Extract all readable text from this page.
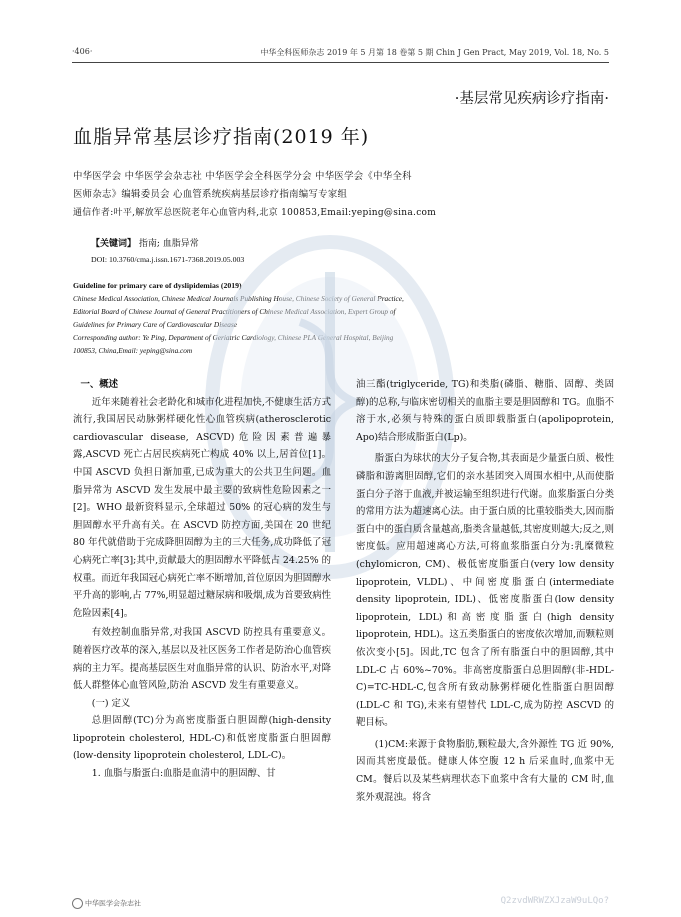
·406·	中华全科医师杂志 2019 年 5 月第 18 卷第 5 期 Chin J Gen Pract, May 2019, Vol. 18, No. 5
·基层常见疾病诊疗指南·
血脂异常基层诊疗指南(2019 年)
中华医学会 中华医学会杂志社 中华医学会全科医学分会 中华医学会《中华全科
医师杂志》编辑委员会 心血管系统疾病基层诊疗指南编写专家组
通信作者:叶平,解放军总医院老年心血管内科,北京 100853,Email:yeping@sina.com
【关键词】 指南; 血脂异常
DOI: 10.3760/cma.j.issn.1671-7368.2019.05.003
Guideline for primary care of dyslipidemias (2019)
Chinese Medical Association, Chinese Medical Journals Publishing House, Chinese Society of General Practice,
Editorial Board of Chinese Journal of General Practitioners of Chinese Medical Association, Expert Group of
Guidelines for Primary Care of Cardiovascular Disease
Corresponding author: Ye Ping, Department of Geriatric Cardiology, Chinese PLA General Hospital, Beijing
100853, China,Email: yeping@sina.com

一、概述

近年来随着社会老龄化和城市化进程加快,不健康生活方式流行,我国居民动脉粥样硬化性心血管疾病(atherosclerotic cardiovascular disease, ASCVD)危险因素普遍暴露,ASCVD 死亡占居民疾病死亡构成 40% 以上,居首位[1]。中国 ASCVD 负担日渐加重,已成为重大的公共卫生问题。血脂异常为 ASCVD 发生发展中最主要的致病性危险因素之一[2]。WHO 最新资料显示,全球超过 50% 的冠心病的发生与胆固醇水平升高有关。在 ASCVD 防控方面,美国在 20 世纪 80 年代就借助于完成降胆固醇为主的三大任务,成功降低了冠心病死亡率[3];其中,贡献最大的胆固醇水平降低占 24.25% 的权重。而近年我国冠心病死亡率不断增加,首位原因为胆固醇水平升高的影响,占 77%,明显超过糖尿病和吸烟,成为首要致病性危险因素[4]。

有效控制血脂异常,对我国 ASCVD 防控具有重要意义。随着医疗改革的深入,基层以及社区医务工作者是防治心血管疾病的主力军。提高基层医生对血脂异常的认识、防治水平,对降低人群整体心血管风险,防治 ASCVD 发生有重要意义。

(一) 定义

总胆固醇(TC)分为高密度脂蛋白胆固醇(high-density lipoprotein cholesterol, HDL-C)和低密度脂蛋白胆固醇(low-density lipoprotein cholesterol, LDL-C)。

1. 血脂与脂蛋白:血脂是血清中的胆固醇、甘

油三酯(triglyceride, TG)和类脂(磷脂、糖脂、固醇、类固醇)的总称,与临床密切相关的血脂主要是胆固醇和 TG。血脂不溶于水,必须与特殊的蛋白质即载脂蛋白(apolipoprotein, Apo)结合形成脂蛋白(Lp)。

脂蛋白为球状的大分子复合物,其表面是少量蛋白质、极性磷脂和游离胆固醇,它们的亲水基团突入周围水相中,从而使脂蛋白分子溶于血液,并被运输至组织进行代谢。血浆脂蛋白分类的常用方法为超速离心法。由于蛋白质的比重较脂类大,因而脂蛋白中的蛋白质含量越高,脂类含量越低,其密度则越大;反之,则密度低。应用超速离心方法,可将血浆脂蛋白分为:乳糜微粒(chylomicron, CM)、极低密度脂蛋白(very low density lipoprotein, VLDL)、中间密度脂蛋白(intermediate density lipoprotein, IDL)、低密度脂蛋白(low density lipoprotein, LDL)和高密度脂蛋白(high density lipoprotein, HDL)。这五类脂蛋白的密度依次增加,而颗粒则依次变小[5]。因此,TC 包含了所有脂蛋白中的胆固醇,其中 LDL-C 占 60%~70%。非高密度脂蛋白总胆固醇(非-HDL-C)=TC-HDL-C,包含所有致动脉粥样硬化性脂蛋白胆固醇(LDL-C 和 TG),未来有望替代 LDL-C,成为防控 ASCVD 的靶目标。

(1)CM:来源于食物脂肪,颗粒最大,含外源性 TG 近 90%,因而其密度最低。健康人体空腹 12 h 后采血时,血浆中无 CM。餐后以及某些病理状态下血浆中含有大量的 CM 时,血浆外观混浊。将含

中华医学会杂志社	Q2zvdWRWZXJzaW9uLQo?
